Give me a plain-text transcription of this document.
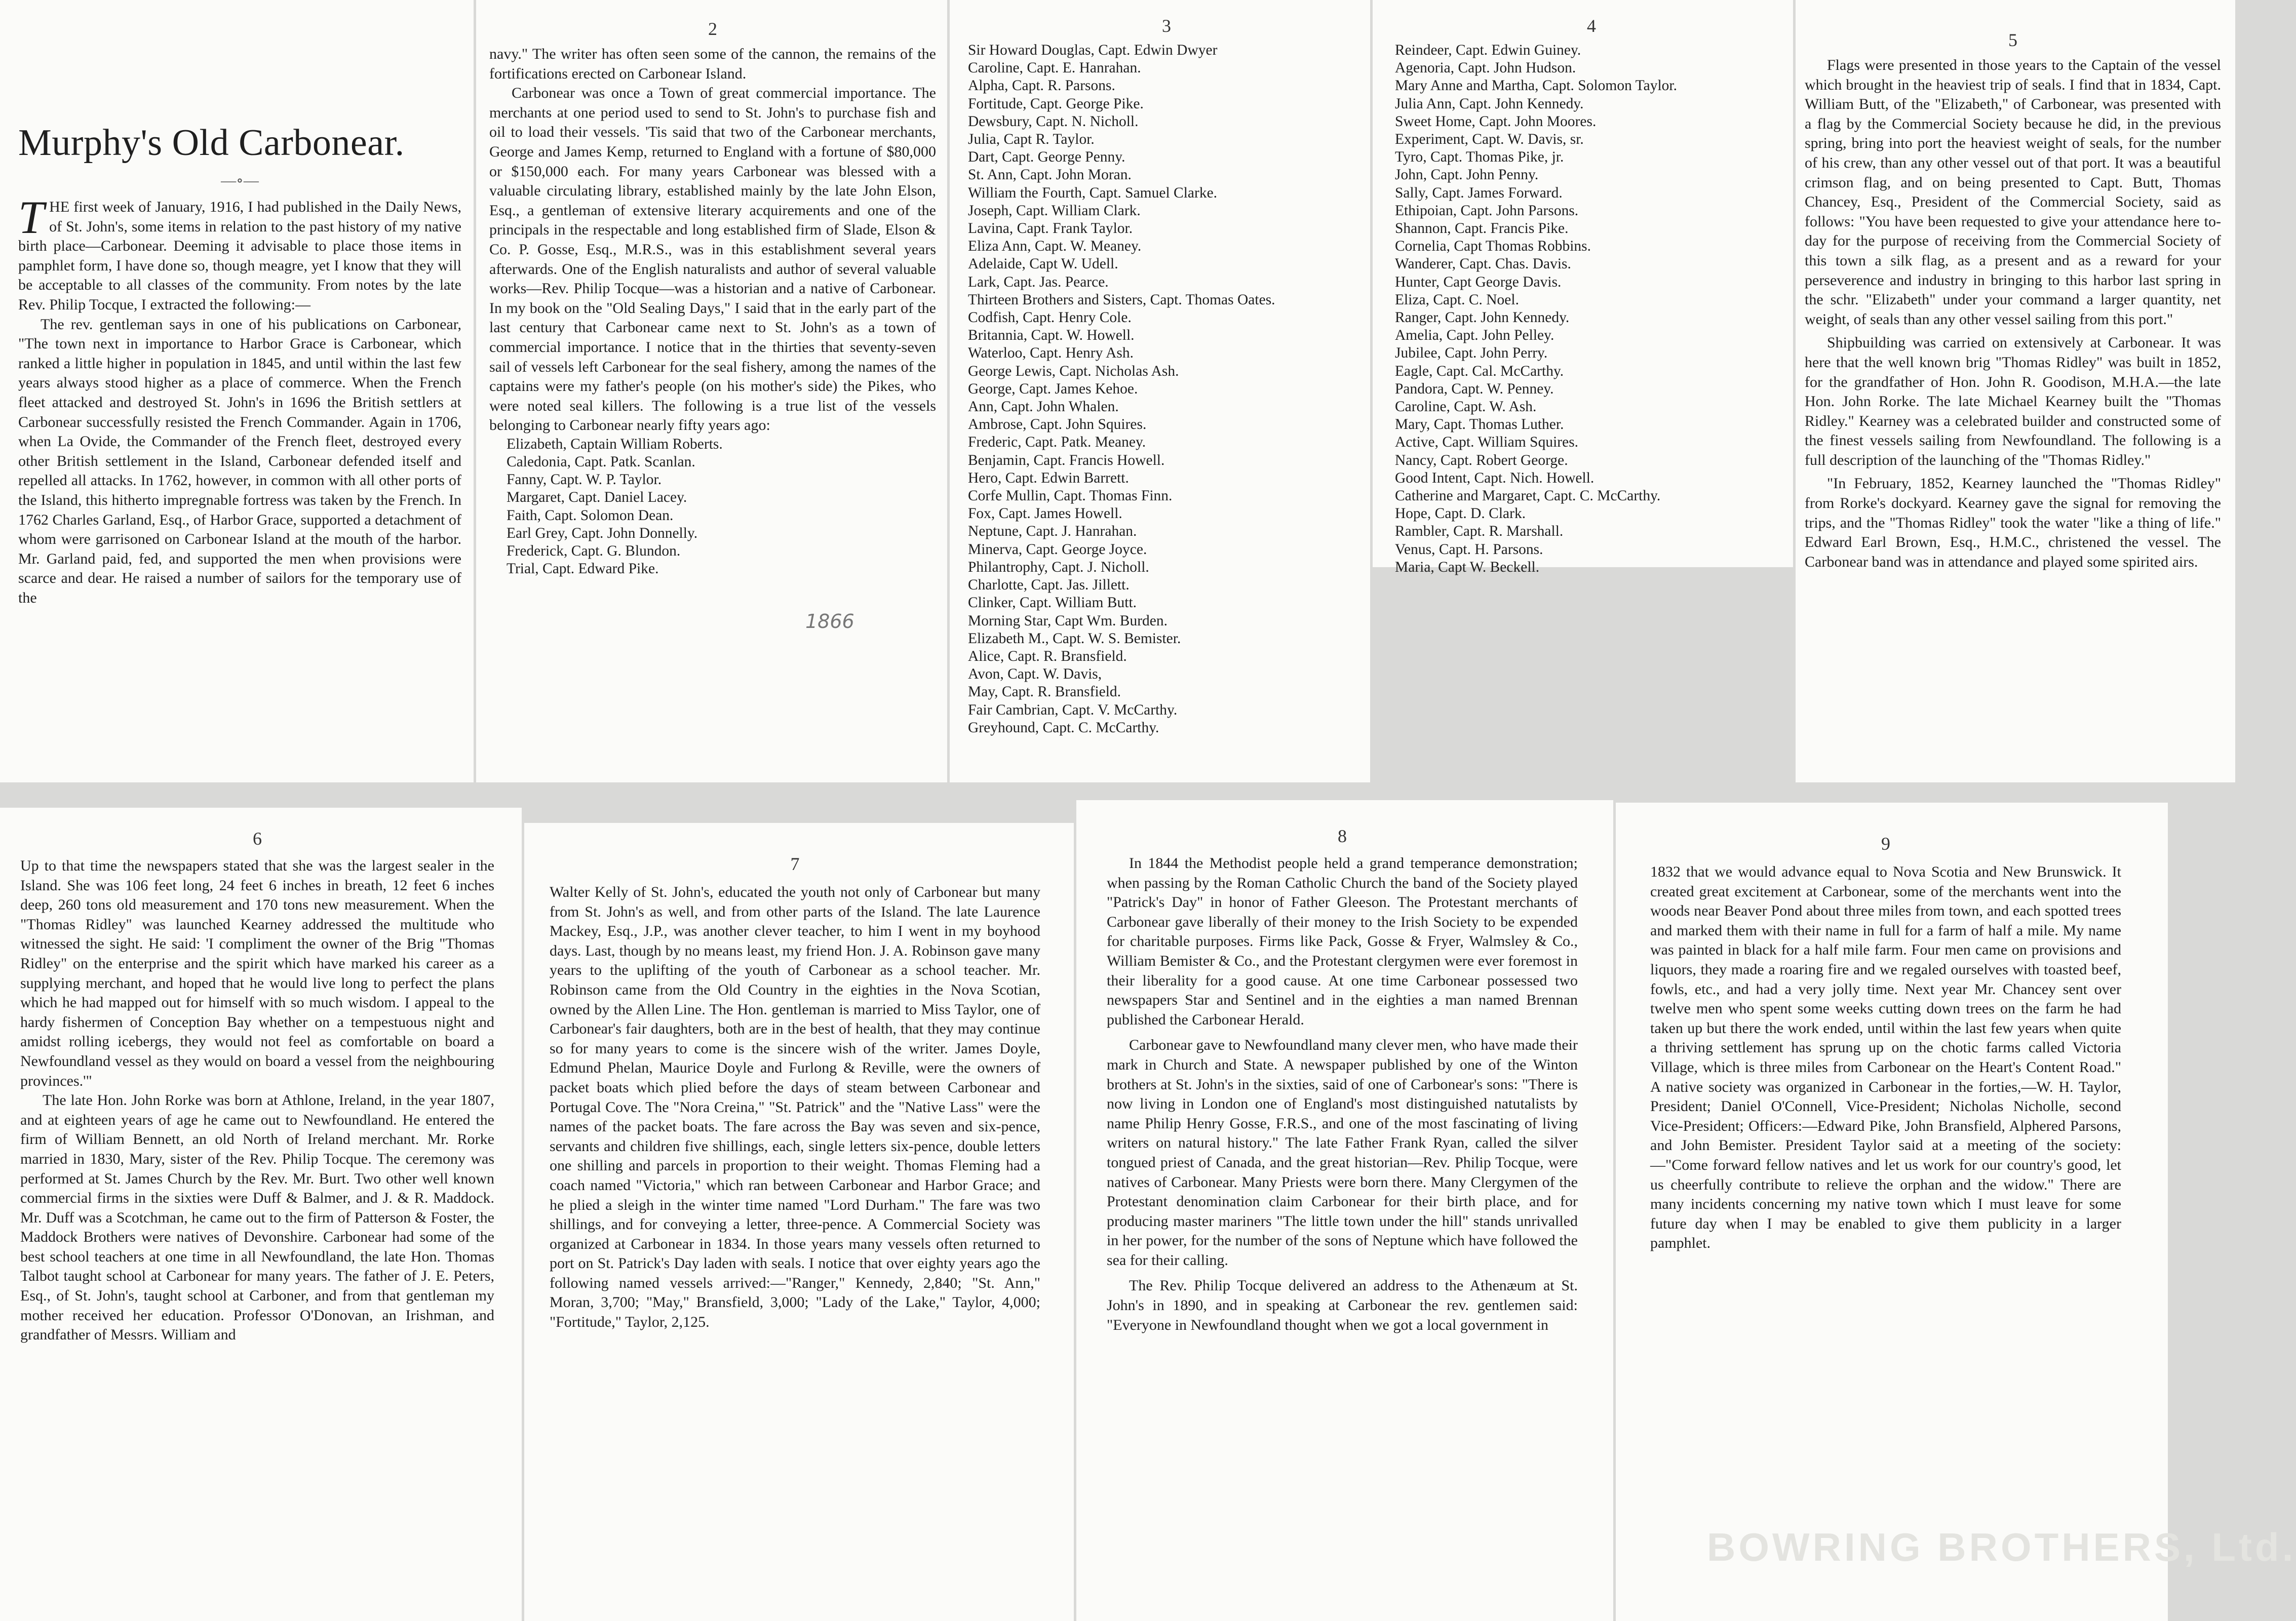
Murphy's Old Carbonear.
—∘—

THE first week of January, 1916, I had published in the Daily News, of St. John's, some items in relation to the past history of my native birth place—Carbonear. Deeming it advisable to place those items in pamphlet form, I have done so, though meagre, yet I know that they will be acceptable to all classes of the community. From notes by the late Rev. Philip Tocque, I extracted the following:—

The rev. gentleman says in one of his publications on Carbonear, "The town next in importance to Harbor Grace is Carbonear, which ranked a little higher in population in 1845, and until within the last few years always stood higher as a place of commerce. When the French fleet attacked and destroyed St. John's in 1696 the British settlers at Carbonear successfully resisted the French Commander. Again in 1706, when La Ovide, the Commander of the French fleet, destroyed every other British settlement in the Island, Carbonear defended itself and repelled all attacks. In 1762, however, in common with all other ports of the Island, this hitherto impregnable fortress was taken by the French. In 1762 Charles Garland, Esq., of Harbor Grace, supported a detachment of whom were garrisoned on Carbonear Island at the mouth of the harbor. Mr. Garland paid, fed, and supported the men when provisions were scarce and dear. He raised a number of sailors for the temporary use of the

2

navy." The writer has often seen some of the cannon, the remains of the fortifications erected on Carbonear Island.

Carbonear was once a Town of great commercial importance. The merchants at one period used to send to St. John's to purchase fish and oil to load their vessels. 'Tis said that two of the Carbonear merchants, George and James Kemp, returned to England with a fortune of $80,000 or $150,000 each. For many years Carbonear was blessed with a valuable circulating library, established mainly by the late John Elson, Esq., a gentleman of extensive literary acquirements and one of the principals in the respectable and long established firm of Slade, Elson & Co. P. Gosse, Esq., M.R.S., was in this establishment several years afterwards. One of the English naturalists and author of several valuable works—Rev. Philip Tocque—was a historian and a native of Carbonear. In my book on the "Old Sealing Days," I said that in the early part of the last century that Carbonear came next to St. John's as a town of commercial importance. I notice that in the thirties that seventy-seven sail of vessels left Carbonear for the seal fishery, among the names of the captains were my father's people (on his mother's side) the Pikes, who were noted seal killers. The following is a true list of the vessels belonging to Carbonear nearly fifty years ago:

Elizabeth, Captain William Roberts.
Caledonia, Capt. Patk. Scanlan.
Fanny, Capt. W. P. Taylor.
Margaret, Capt. Daniel Lacey.
Faith, Capt. Solomon Dean.
Earl Grey, Capt. John Donnelly.
Frederick, Capt. G. Blundon.
Trial, Capt. Edward Pike.
1866
3
Sir Howard Douglas, Capt. Edwin Dwyer
Caroline, Capt. E. Hanrahan.
Alpha, Capt. R. Parsons.
Fortitude, Capt. George Pike.
Dewsbury, Capt. N. Nicholl.
Julia, Capt R. Taylor.
Dart, Capt. George Penny.
St. Ann, Capt. John Moran.
William the Fourth, Capt. Samuel Clarke.
Joseph, Capt. William Clark.
Lavina, Capt. Frank Taylor.
Eliza Ann, Capt. W. Meaney.
Adelaide, Capt W. Udell.
Lark, Capt. Jas. Pearce.
Thirteen Brothers and Sisters, Capt. Thomas Oates.
Codfish, Capt. Henry Cole.
Britannia, Capt. W. Howell.
Waterloo, Capt. Henry Ash.
George Lewis, Capt. Nicholas Ash.
George, Capt. James Kehoe.
Ann, Capt. John Whalen.
Ambrose, Capt. John Squires.
Frederic, Capt. Patk. Meaney.
Benjamin, Capt. Francis Howell.
Hero, Capt. Edwin Barrett.
Corfe Mullin, Capt. Thomas Finn.
Fox, Capt. James Howell.
Neptune, Capt. J. Hanrahan.
Minerva, Capt. George Joyce.
Philantrophy, Capt. J. Nicholl.
Charlotte, Capt. Jas. Jillett.
Clinker, Capt. William Butt.
Morning Star, Capt Wm. Burden.
Elizabeth M., Capt. W. S. Bemister.
Alice, Capt. R. Bransfield.
Avon, Capt. W. Davis,
May, Capt. R. Bransfield.
Fair Cambrian, Capt. V. McCarthy.
Greyhound, Capt. C. McCarthy.
4
Reindeer, Capt. Edwin Guiney.
Agenoria, Capt. John Hudson.
Mary Anne and Martha, Capt. Solomon Taylor.
Julia Ann, Capt. John Kennedy.
Sweet Home, Capt. John Moores.
Experiment, Capt. W. Davis, sr.
Tyro, Capt. Thomas Pike, jr.
John, Capt. John Penny.
Sally, Capt. James Forward.
Ethipoian, Capt. John Parsons.
Shannon, Capt. Francis Pike.
Cornelia, Capt Thomas Robbins.
Wanderer, Capt. Chas. Davis.
Hunter, Capt George Davis.
Eliza, Capt. C. Noel.
Ranger, Capt. John Kennedy.
Amelia, Capt. John Pelley.
Jubilee, Capt. John Perry.
Eagle, Capt. Cal. McCarthy.
Pandora, Capt. W. Penney.
Caroline, Capt. W. Ash.
Mary, Capt. Thomas Luther.
Active, Capt. William Squires.
Nancy, Capt. Robert George.
Good Intent, Capt. Nich. Howell.
Catherine and Margaret, Capt. C. McCarthy.
Hope, Capt. D. Clark.
Rambler, Capt. R. Marshall.
Venus, Capt. H. Parsons.
Maria, Capt W. Beckell.
5

Flags were presented in those years to the Captain of the vessel which brought in the heaviest trip of seals. I find that in 1834, Capt. William Butt, of the "Elizabeth," of Carbonear, was presented with a flag by the Commercial Society because he did, in the previous spring, bring into port the heaviest weight of seals, for the number of his crew, than any other vessel out of that port. It was a beautiful crimson flag, and on being presented to Capt. Butt, Thomas Chancey, Esq., President of the Commercial Society, said as follows: "You have been requested to give your attendance here to-day for the purpose of receiving from the Commercial Society of this town a silk flag, as a present and as a reward for your perseverence and industry in bringing to this harbor last spring in the schr. "Elizabeth" under your command a larger quantity, net weight, of seals than any other vessel sailing from this port."

Shipbuilding was carried on extensively at Carbonear. It was here that the well known brig "Thomas Ridley" was built in 1852, for the grandfather of Hon. John R. Goodison, M.H.A.—the late Hon. John Rorke. The late Michael Kearney built the "Thomas Ridley." Kearney was a celebrated builder and constructed some of the finest vessels sailing from Newfoundland. The following is a full description of the launching of the "Thomas Ridley."

"In February, 1852, Kearney launched the "Thomas Ridley" from Rorke's dockyard. Kearney gave the signal for removing the trips, and the "Thomas Ridley" took the water "like a thing of life." Edward Earl Brown, Esq., H.M.C., christened the vessel. The Carbonear band was in attendance and played some spirited airs.

6

Up to that time the newspapers stated that she was the largest sealer in the Island. She was 106 feet long, 24 feet 6 inches in breath, 12 feet 6 inches deep, 260 tons old measurement and 170 tons new measurement. When the "Thomas Ridley" was launched Kearney addressed the multitude who witnessed the sight. He said: 'I compliment the owner of the Brig "Thomas Ridley" on the enterprise and the spirit which have marked his career as a supplying merchant, and hoped that he would live long to perfect the plans which he had mapped out for himself with so much wisdom. I appeal to the hardy fishermen of Conception Bay whether on a tempestuous night and amidst rolling icebergs, they would not feel as comfortable on board a Newfoundland vessel as they would on board a vessel from the neighbouring provinces.'"

The late Hon. John Rorke was born at Athlone, Ireland, in the year 1807, and at eighteen years of age he came out to Newfoundland. He entered the firm of William Bennett, an old North of Ireland merchant. Mr. Rorke married in 1830, Mary, sister of the Rev. Philip Tocque. The ceremony was performed at St. James Church by the Rev. Mr. Burt. Two other well known commercial firms in the sixties were Duff & Balmer, and J. & R. Maddock. Mr. Duff was a Scotchman, he came out to the firm of Patterson & Foster, the Maddock Brothers were natives of Devonshire. Carbonear had some of the best school teachers at one time in all Newfoundland, the late Hon. Thomas Talbot taught school at Carbonear for many years. The father of J. E. Peters, Esq., of St. John's, taught school at Carboner, and from that gentleman my mother received her education. Professor O'Donovan, an Irishman, and grandfather of Messrs. William and

7

Walter Kelly of St. John's, educated the youth not only of Carbonear but many from St. John's as well, and from other parts of the Island. The late Laurence Mackey, Esq., J.P., was another clever teacher, to him I went in my boyhood days. Last, though by no means least, my friend Hon. J. A. Robinson gave many years to the uplifting of the youth of Carbonear as a school teacher. Mr. Robinson came from the Old Country in the eighties in the Nova Scotian, owned by the Allen Line. The Hon. gentleman is married to Miss Taylor, one of Carbonear's fair daughters, both are in the best of health, that they may continue so for many years to come is the sincere wish of the writer. James Doyle, Edmund Phelan, Maurice Doyle and Furlong & Reville, were the owners of packet boats which plied before the days of steam between Carbonear and Portugal Cove. The "Nora Creina," "St. Patrick" and the "Native Lass" were the names of the packet boats. The fare across the Bay was seven and six-pence, servants and children five shillings, each, single letters six-pence, double letters one shilling and parcels in proportion to their weight. Thomas Fleming had a coach named "Victoria," which ran between Carbonear and Harbor Grace; and he plied a sleigh in the winter time named "Lord Durham." The fare was two shillings, and for conveying a letter, three-pence. A Commercial Society was organized at Carbonear in 1834. In those years many vessels often returned to port on St. Patrick's Day laden with seals. I notice that over eighty years ago the following named vessels arrived:—"Ranger," Kennedy, 2,840; "St. Ann," Moran, 3,700; "May," Bransfield, 3,000; "Lady of the Lake," Taylor, 4,000; "Fortitude," Taylor, 2,125.

8

In 1844 the Methodist people held a grand temperance demonstration; when passing by the Roman Catholic Church the band of the Society played "Patrick's Day" in honor of Father Gleeson. The Protestant merchants of Carbonear gave liberally of their money to the Irish Society to be expended for charitable purposes. Firms like Pack, Gosse & Fryer, Walmsley & Co., William Bemister & Co., and the Protestant clergymen were ever foremost in their liberality for a good cause. At one time Carbonear possessed two newspapers Star and Sentinel and in the eighties a man named Brennan published the Carbonear Herald.

Carbonear gave to Newfoundland many clever men, who have made their mark in Church and State. A newspaper published by one of the Winton brothers at St. John's in the sixties, said of one of Carbonear's sons: "There is now living in London one of England's most distinguished natutalists by name Philip Henry Gosse, F.R.S., and one of the most fascinating of living writers on natural history." The late Father Frank Ryan, called the silver tongued priest of Canada, and the great historian—Rev. Philip Tocque, were natives of Carbonear. Many Priests were born there. Many Clergymen of the Protestant denomination claim Carbonear for their birth place, and for producing master mariners "The little town under the hill" stands unrivalled in her power, for the number of the sons of Neptune which have followed the sea for their calling.

The Rev. Philip Tocque delivered an address to the Athenæum at St. John's in 1890, and in speaking at Carbonear the rev. gentlemen said: "Everyone in Newfoundland thought when we got a local government in

9

1832 that we would advance equal to Nova Scotia and New Brunswick. It created great excitement at Carbonear, some of the merchants went into the woods near Beaver Pond about three miles from town, and each spotted trees and marked them with their name in full for a farm of half a mile. My name was painted in black for a half mile farm. Four men came on provisions and liquors, they made a roaring fire and we regaled ourselves with toasted beef, fowls, etc., and had a very jolly time. Next year Mr. Chancey sent over twelve men who spent some weeks cutting down trees on the farm he had taken up but there the work ended, until within the last few years when quite a thriving settlement has sprung up on the chotic farms called Victoria Village, which is three miles from Carbonear on the Heart's Content Road." A native society was organized in Carbonear in the forties,—W. H. Taylor, President; Daniel O'Connell, Vice-President; Nicholas Nicholle, second Vice-President; Officers:—Edward Pike, John Bransfield, Alphered Parsons, and John Bemister. President Taylor said at a meeting of the society:—"Come forward fellow natives and let us work for our country's good, let us cheerfully contribute to relieve the orphan and the widow." There are many incidents concerning my native town which I must leave for some future day when I may be enabled to give them publicity in a larger pamphlet.

BOWRING BROTHERS, Ltd.
